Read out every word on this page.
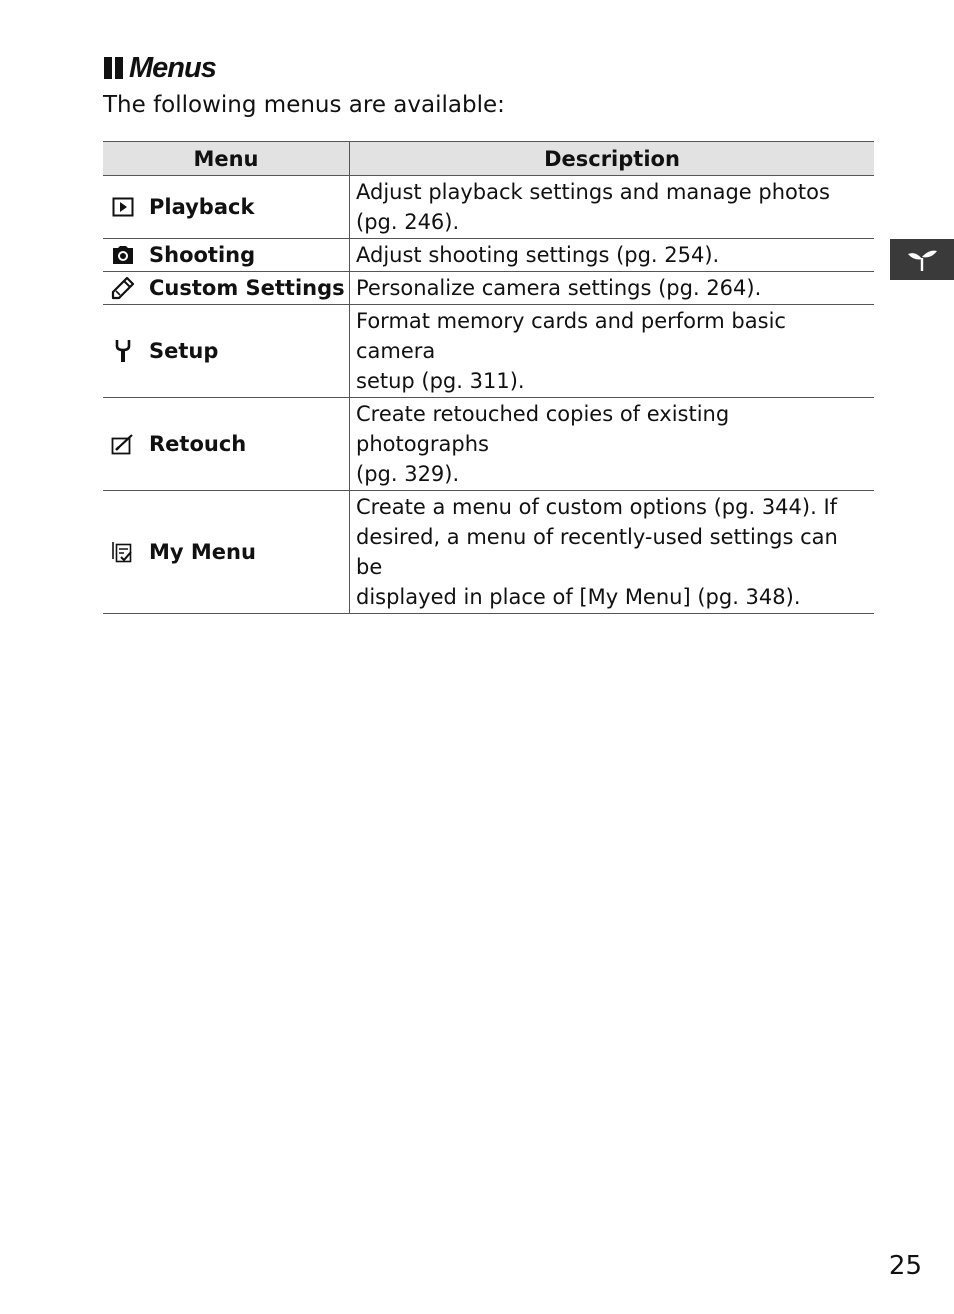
Menus
The following menus are available:
Menu	Description

Playback	Adjust playback settings and manage photos
(pg. 246).

Shooting	Adjust shooting settings (pg. 254).

Custom Settings	Personalize camera settings (pg. 264).

Setup	Format memory cards and perform basic camera
setup (pg. 311).

Retouch	Create retouched copies of existing photographs
(pg. 329).

My Menu	Create a menu of custom options (pg. 344). If
desired, a menu of recently-used settings can be
displayed in place of [My Menu] (pg. 348).
25
